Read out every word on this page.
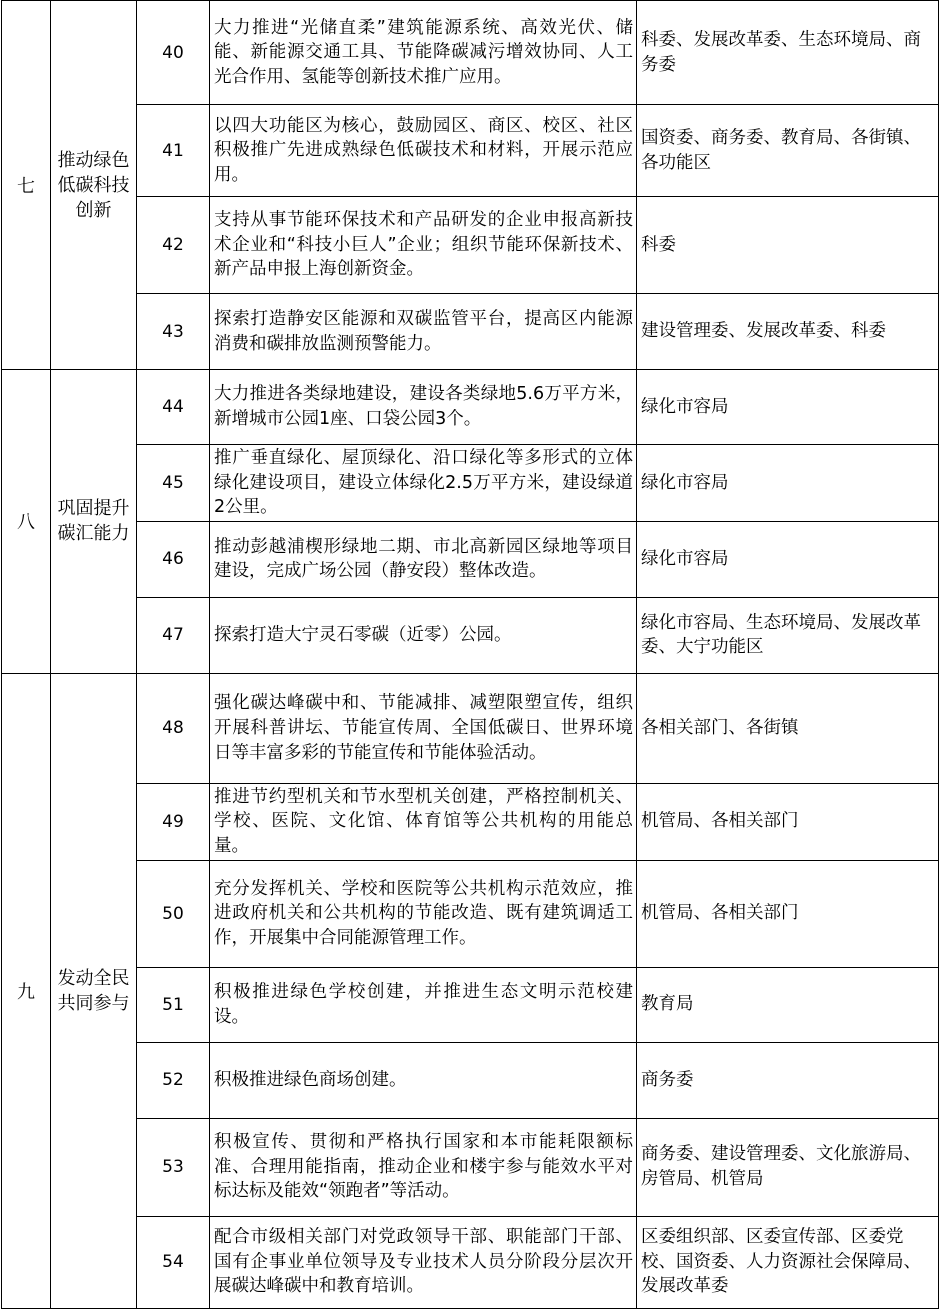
七	推动绿色低碳科技创新	40	大力推进“光储直柔”建筑能源系统、高效光伏、储能、新能源交通工具、节能降碳减污增效协同、人工光合作用、氢能等创新技术推广应用。	科委、发展改革委、生态环境局、商务委
		41	以四大功能区为核心，鼓励园区、商区、校区、社区积极推广先进成熟绿色低碳技术和材料，开展示范应用。	国资委、商务委、教育局、各街镇、各功能区
		42	支持从事节能环保技术和产品研发的企业申报高新技术企业和“科技小巨人”企业；组织节能环保新技术、新产品申报上海创新资金。	科委
		43	探索打造静安区能源和双碳监管平台，提高区内能源消费和碳排放监测预警能力。	建设管理委、发展改革委、科委
八	巩固提升碳汇能力	44	大力推进各类绿地建设，建设各类绿地5.6万平方米，新增城市公园1座、口袋公园3个。	绿化市容局
		45	推广垂直绿化、屋顶绿化、沿口绿化等多形式的立体绿化建设项目，建设立体绿化2.5万平方米，建设绿道2公里。	绿化市容局
		46	推动彭越浦楔形绿地二期、市北高新园区绿地等项目建设，完成广场公园（静安段）整体改造。	绿化市容局
		47	探索打造大宁灵石零碳（近零）公园。	绿化市容局、生态环境局、发展改革委、大宁功能区
九	发动全民共同参与	48	强化碳达峰碳中和、节能减排、减塑限塑宣传，组织开展科普讲坛、节能宣传周、全国低碳日、世界环境日等丰富多彩的节能宣传和节能体验活动。	各相关部门、各街镇
		49	推进节约型机关和节水型机关创建，严格控制机关、学校、医院、文化馆、体育馆等公共机构的用能总量。	机管局、各相关部门
		50	充分发挥机关、学校和医院等公共机构示范效应，推进政府机关和公共机构的节能改造、既有建筑调适工作，开展集中合同能源管理工作。	机管局、各相关部门
		51	积极推进绿色学校创建，并推进生态文明示范校建设。	教育局
		52	积极推进绿色商场创建。	商务委
		53	积极宣传、贯彻和严格执行国家和本市能耗限额标准、合理用能指南，推动企业和楼宇参与能效水平对标达标及能效“领跑者”等活动。	商务委、建设管理委、文化旅游局、房管局、机管局
		54	配合市级相关部门对党政领导干部、职能部门干部、国有企事业单位领导及专业技术人员分阶段分层次开展碳达峰碳中和教育培训。	区委组织部、区委宣传部、区委党校、国资委、人力资源社会保障局、发展改革委
